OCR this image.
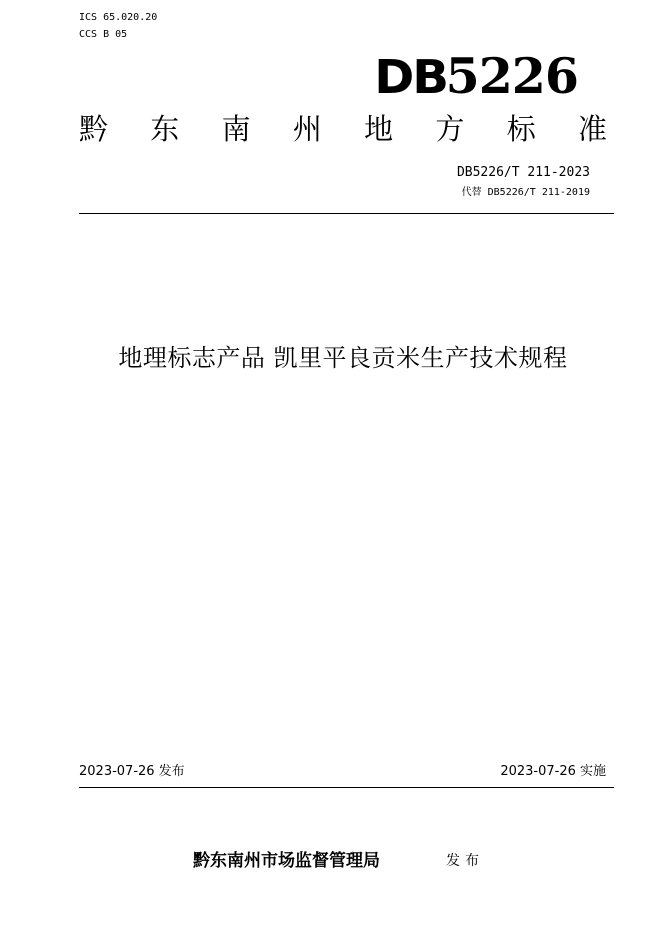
ICS 65.020.20
CCS B 05
DB5226
黔 东 南 州 地 方 标 准
DB5226/T 211-2023
代替 DB5226/T 211-2019
地理标志产品 凯里平良贡米生产技术规程
2023-07-26 发布	2023-07-26 实施
黔东南州市场监督管理局	发布
